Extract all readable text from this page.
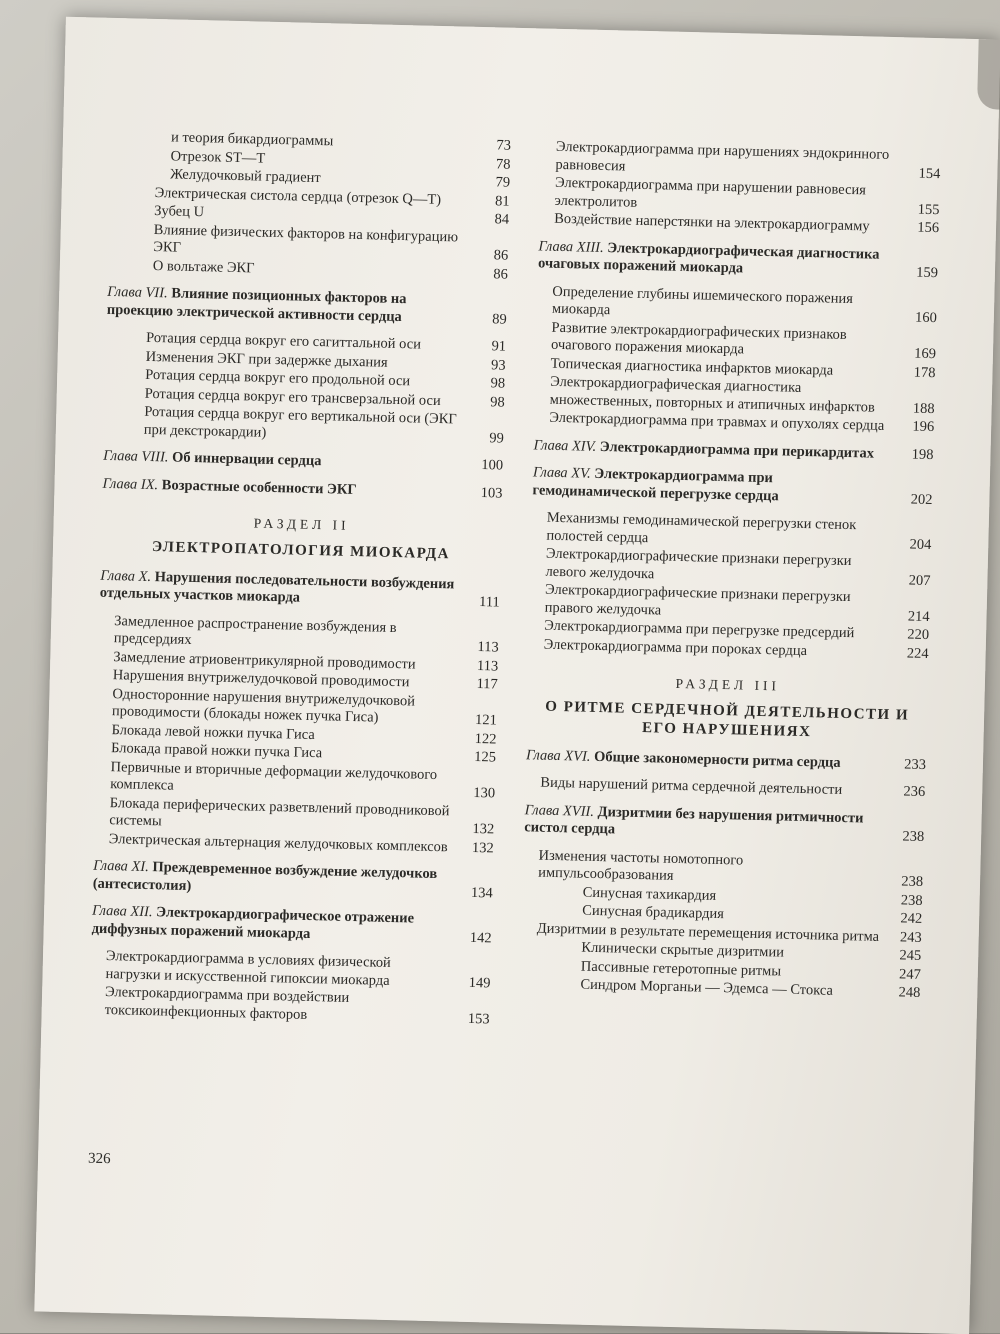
и теория бикардиограммы	73
Отрезок ST—T	78
Желудочковый градиент	79
Электрическая систола сердца (отрезок Q—T)	81
Зубец U	84
Влияние физических факторов на конфигурацию ЭКГ	86
О вольтаже ЭКГ	86
Глава VII. Влияние позиционных факторов на проекцию электрической активности сердца	89
Ротация сердца вокруг его сагиттальной оси	91
Изменения ЭКГ при задержке дыхания	93
Ротация сердца вокруг его продольной оси	98
Ротация сердца вокруг его трансверзальной оси	98
Ротация сердца вокруг его вертикальной оси (ЭКГ при декстрокардии)	99
Глава VIII. Об иннервации сердца	100
Глава IX. Возрастные особенности ЭКГ	103
РАЗДЕЛ II
ЭЛЕКТРОПАТОЛОГИЯ МИОКАРДА
Глава X. Нарушения последовательности возбуждения отдельных участков миокарда	111
Замедленное распространение возбуждения в предсердиях	113
Замедление атриовентрикулярной проводимости	113
Нарушения внутрижелудочковой проводимости	117
Односторонние нарушения внутрижелудочковой проводимости (блокады ножек пучка Гиса)	121
Блокада левой ножки пучка Гиса	122
Блокада правой ножки пучка Гиса	125
Первичные и вторичные деформации желудочкового комплекса	130
Блокада периферических разветвлений проводниковой системы	132
Электрическая альтернация желудочковых комплексов	132
Глава XI. Преждевременное возбуждение желудочков (антесистолия)	134
Глава XII. Электрокардиографическое отражение диффузных поражений миокарда	142
Электрокардиограмма в условиях физической нагрузки и искусственной гипоксии миокарда	149
Электрокардиограмма при воздействии токсикоинфекционных факторов	153
Электрокардиограмма при нарушениях эндокринного равновесия	154
Электрокардиограмма при нарушении равновесия электролитов	155
Воздействие наперстянки на электрокардиограмму	156
Глава XIII. Электрокардиографическая диагностика очаговых поражений миокарда	159
Определение глубины ишемического поражения миокарда	160
Развитие электрокардиографических признаков очагового поражения миокарда	169
Топическая диагностика инфарктов миокарда	178
Электрокардиографическая диагностика множественных, повторных и атипичных инфарктов	188
Электрокардиограмма при травмах и опухолях сердца	196
Глава XIV. Электрокардиограмма при перикардитах	198
Глава XV. Электрокардиограмма при гемодинамической перегрузке сердца	202
Механизмы гемодинамической перегрузки стенок полостей сердца	204
Электрокардиографические признаки перегрузки левого желудочка	207
Электрокардиографические признаки перегрузки правого желудочка	214
Электрокардиограмма при перегрузке предсердий	220
Электрокардиограмма при пороках сердца	224
РАЗДЕЛ III
О РИТМЕ СЕРДЕЧНОЙ ДЕЯТЕЛЬНОСТИ И ЕГО НАРУШЕНИЯХ
Глава XVI. Общие закономерности ритма сердца	233
Виды нарушений ритма сердечной деятельности	236
Глава XVII. Дизритмии без нарушения ритмичности систол сердца	238
Изменения частоты номотопного импульсообразования	238
Синусная тахикардия	238
Синусная брадикардия	242
Дизритмии в результате перемещения источника ритма	243
Клинически скрытые дизритмии	245
Пассивные гетеротопные ритмы	247
Синдром Морганьи — Эдемса — Стокса	248
326
